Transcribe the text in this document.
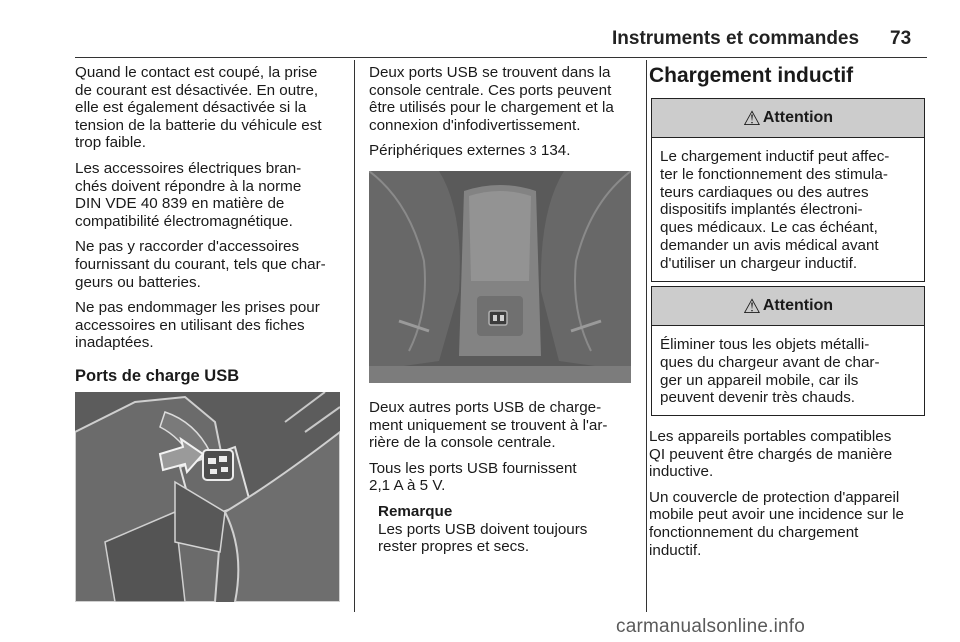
Instruments et commandes 73

Quand le contact est coupé, la prise
de courant est désactivée. En outre,
elle est également désactivée si la
tension de la batterie du véhicule est
trop faible.

Les accessoires électriques bran-
chés doivent répondre à la norme
DIN VDE 40 839 en matière de
compatibilité électromagnétique.

Ne pas y raccorder d'accessoires
fournissant du courant, tels que char-
geurs ou batteries.

Ne pas endommager les prises pour
accessoires en utilisant des fiches
inadaptées.

Ports de charge USB

Deux ports USB se trouvent dans la
console centrale. Ces ports peuvent
être utilisés pour le chargement et la
connexion d'infodivertissement.

Périphériques externes 3 134.

Deux autres ports USB de charge-
ment uniquement se trouvent à l'ar-
rière de la console centrale.

Tous les ports USB fournissent
2,1 A à 5 V.

Remarque
Les ports USB doivent toujours
rester propres et secs.
Chargement inductif
⚠ Attention
Le chargement inductif peut affec-
ter le fonctionnement des stimula-
teurs cardiaques ou des autres
dispositifs implantés électroni-
ques médicaux. Le cas échéant,
demander un avis médical avant
d'utiliser un chargeur inductif.
⚠ Attention
Éliminer tous les objets métalli-
ques du chargeur avant de char-
ger un appareil mobile, car ils
peuvent devenir très chauds.

Les appareils portables compatibles
QI peuvent être chargés de manière
inductive.

Un couvercle de protection d'appareil
mobile peut avoir une incidence sur le
fonctionnement du chargement
inductif.

carmanualsonline.info
